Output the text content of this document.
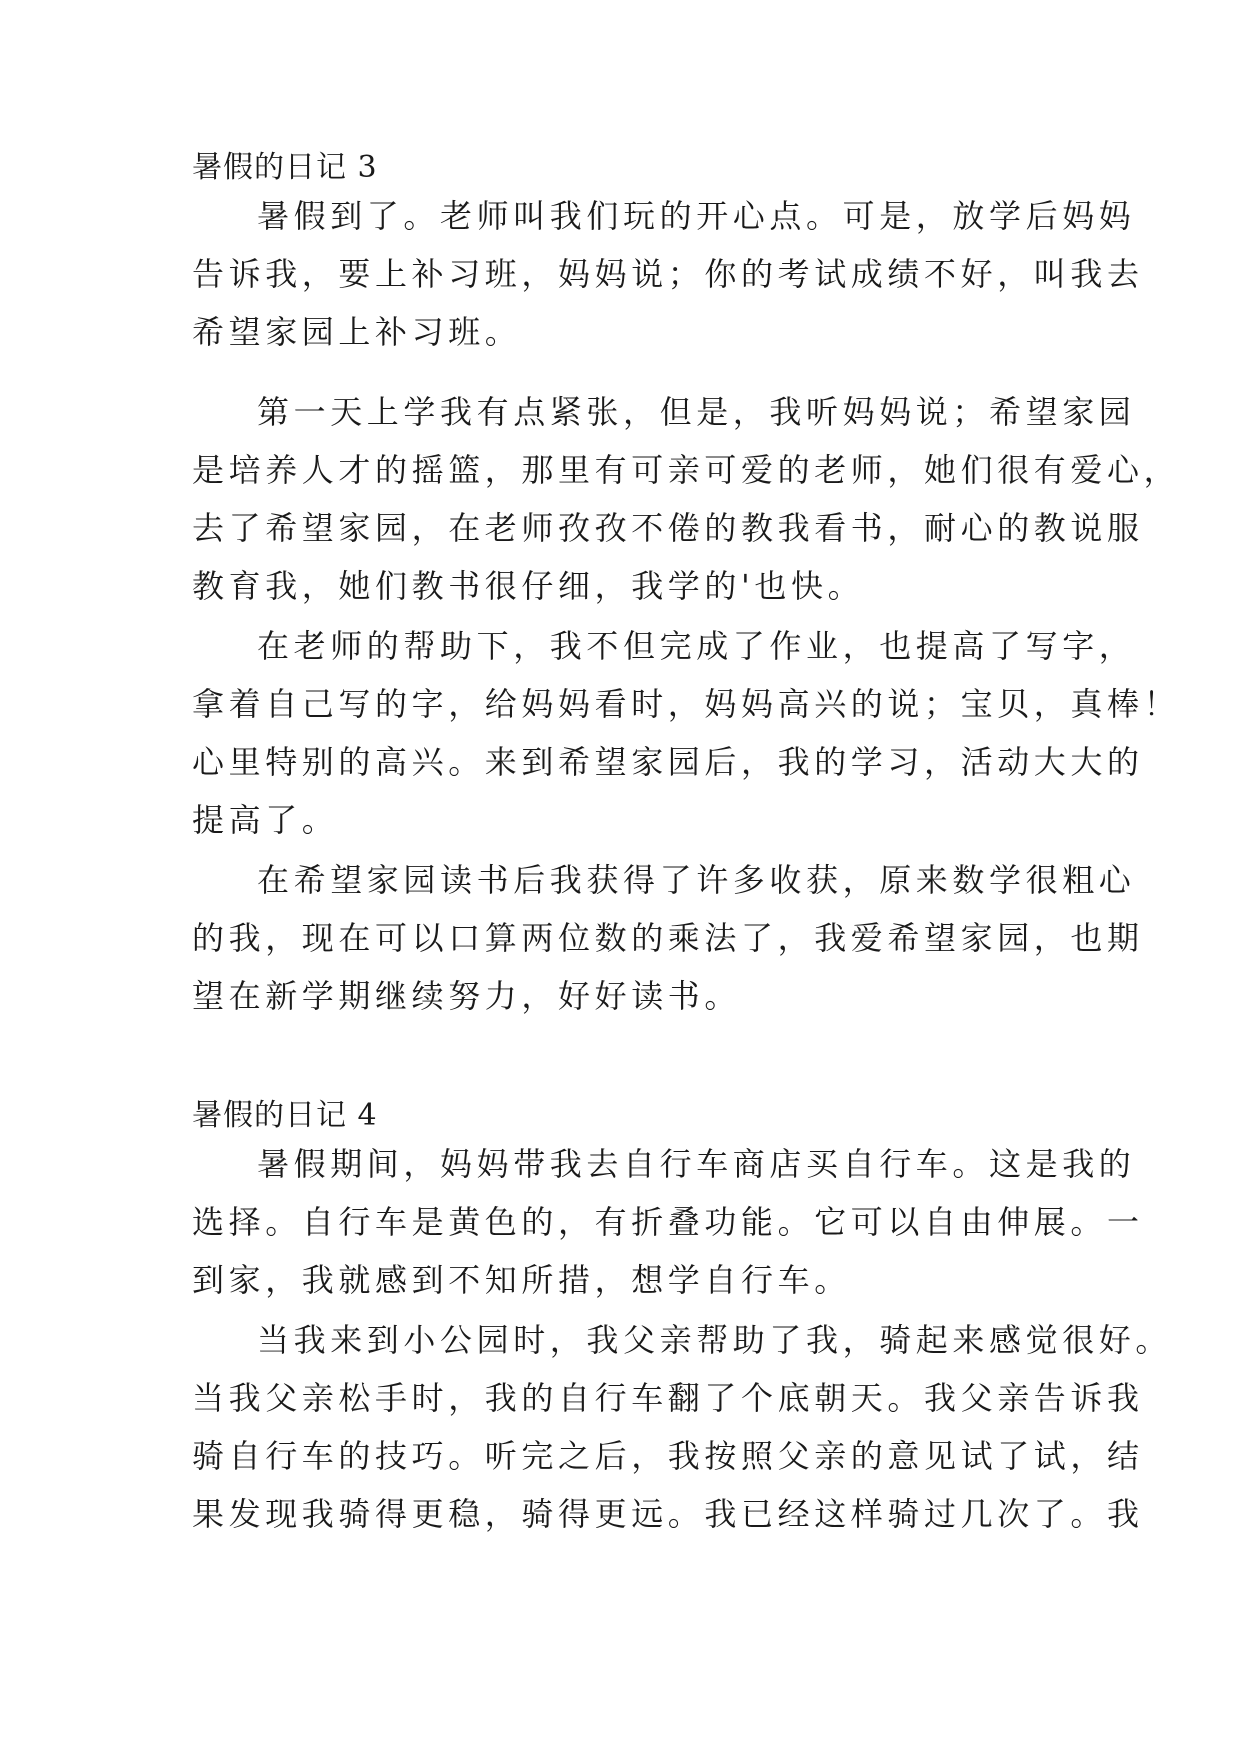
暑假的日记 3
暑假到了。老师叫我们玩的开心点。可是，放学后妈妈
告诉我，要上补习班，妈妈说；你的考试成绩不好，叫我去
希望家园上补习班。
第一天上学我有点紧张，但是，我听妈妈说；希望家园
是培养人才的摇篮，那里有可亲可爱的老师，她们很有爱心，
去了希望家园，在老师孜孜不倦的教我看书，耐心的教说服
教育我，她们教书很仔细，我学的'也快。
在老师的帮助下，我不但完成了作业，也提高了写字，
拿着自己写的字，给妈妈看时，妈妈高兴的说；宝贝，真棒！
心里特别的高兴。来到希望家园后，我的学习，活动大大的
提高了。
在希望家园读书后我获得了许多收获，原来数学很粗心
的我，现在可以口算两位数的乘法了，我爱希望家园，也期
望在新学期继续努力，好好读书。
暑假的日记 4
暑假期间，妈妈带我去自行车商店买自行车。这是我的
选择。自行车是黄色的，有折叠功能。它可以自由伸展。一
到家，我就感到不知所措，想学自行车。
当我来到小公园时，我父亲帮助了我，骑起来感觉很好。
当我父亲松手时，我的自行车翻了个底朝天。我父亲告诉我
骑自行车的技巧。听完之后，我按照父亲的意见试了试，结
果发现我骑得更稳，骑得更远。我已经这样骑过几次了。我
